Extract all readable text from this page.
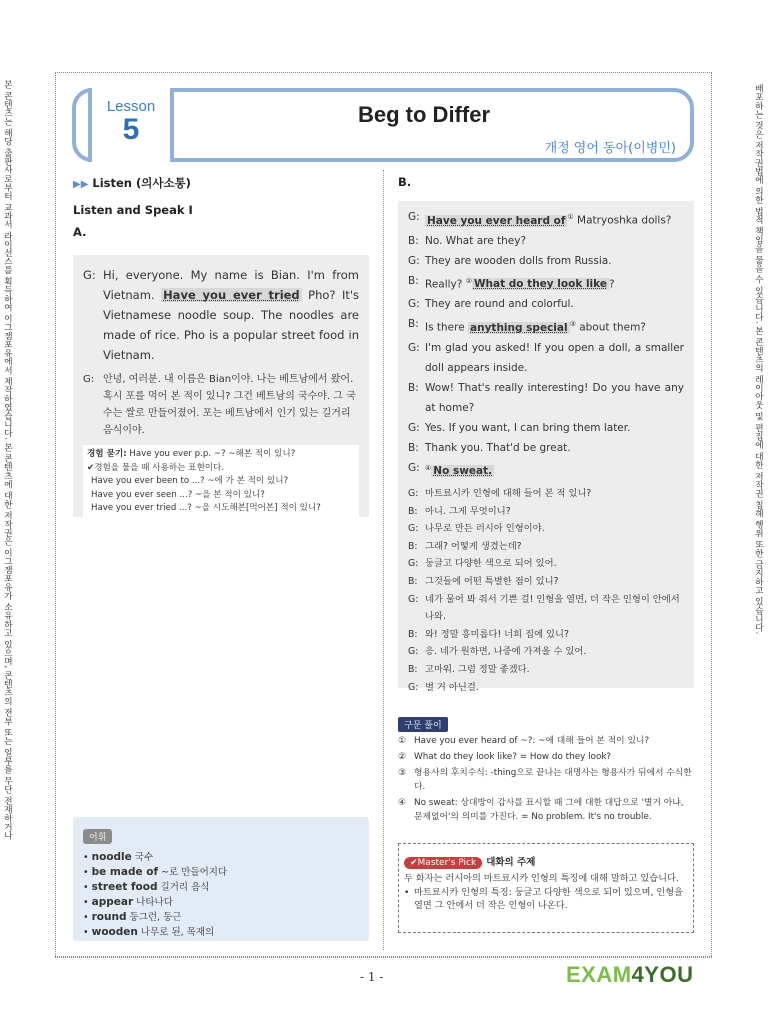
본 콘텐츠는 해당 출판사로부터 교과서 라이선스를 획득하여 이그잼포유에서 제작하였습니다. 본 콘텐츠에 대한 저작권은 이그잼포유가 소유하고 있으며, 콘텐츠의 전부 또는 일부를 무단 전재하거나	배포하는 것은 저작권법에 의한 법적 책임을 물을 수 있습니다. 본 콘텐츠의 레이아웃 및 편집에 대한 저작권 침해 행위 또한 금지하고 있습니다.
Lesson
5	Beg to Differ
개정 영어 동아(이병민)
▶▶ Listen (의사소통)
Listen and Speak I
A.
G: Hi, everyone. My name is Bian. I'm from Vietnam. Have you ever tried Pho? It's Vietnamese noodle soup. The noodles are made of rice. Pho is a popular street food in Vietnam.
G: 안녕, 여러분. 내 이름은 Bian이야. 나는 베트남에서 왔어. 혹시 포를 먹어 본 적이 있니? 그건 베트남의 국수야. 그 국수는 쌀로 만들어졌어. 포는 베트남에서 인기 있는 길거리 음식이야.
경험 묻기: Have you ever p.p. ~? ~해본 적이 있니?
✔경험을 물을 때 사용하는 표현이다.
Have you ever been to ...? ~에 가 본 적이 있니?
Have you ever seen ...? ~을 본 적이 있니?
Have you ever tried ...? ~을 시도해본[먹어본] 적이 있니?
어휘
• noodle 국수
• be made of ~로 만들어지다
• street food 길거리 음식
• appear 나타나다
• round 둥그런, 둥근
• wooden 나무로 된, 목재의
B.
G: Have you ever heard of ① Matryoshka dolls?
B: No. What are they?
G: They are wooden dolls from Russia.
B: Really? ② What do they look like ?
G: They are round and colorful.
B: Is there anything special ③ about them?
G: I'm glad you asked! If you open a doll, a smaller doll appears inside.
B: Wow! That's really interesting! Do you have any at home?
G: Yes. If you want, I can bring them later.
B: Thank you. That'd be great.
G: ④ No sweat.
G: 마트료시카 인형에 대해 들어 본 적 있니?
B: 아니. 그게 무엇이니?
G: 나무로 만든 러시아 인형이야.
B: 그래? 어떻게 생겼는데?
G: 둥글고 다양한 색으로 되어 있어.
B: 그것들에 어떤 특별한 점이 있니?
G: 네가 물어 봐 줘서 기쁜 걸! 인형을 열면, 더 작은 인형이 안에서 나와.
B: 와! 정말 흥미롭다! 너희 집에 있니?
G: 응. 네가 원하면, 나중에 가져올 수 있어.
B: 고마워. 그럼 정말 좋겠다.
G: 별 거 아닌걸.
구문 풀이
① Have you ever heard of ~?: ~에 대해 들어 본 적이 있니?
② What do they look like? = How do they look?
③ 형용사의 후치수식: -thing으로 끝나는 대명사는 형용사가 뒤에서 수식한다.
④ No sweat: 상대방이 감사를 표시할 때 그에 대한 대답으로 '별거 아냐, 문제없어'의 의미를 가진다. = No problem. It's no trouble.
✔Master's Pick 대화의 주제

두 화자는 러시아의 마트료시카 인형의 특징에 대해 말하고 있습니다.

• 마트료시카 인형의 특징: 둥글고 다양한 색으로 되어 있으며, 인형을 열면 그 안에서 더 작은 인형이 나온다.
- 1 -	EXAM4YOU
